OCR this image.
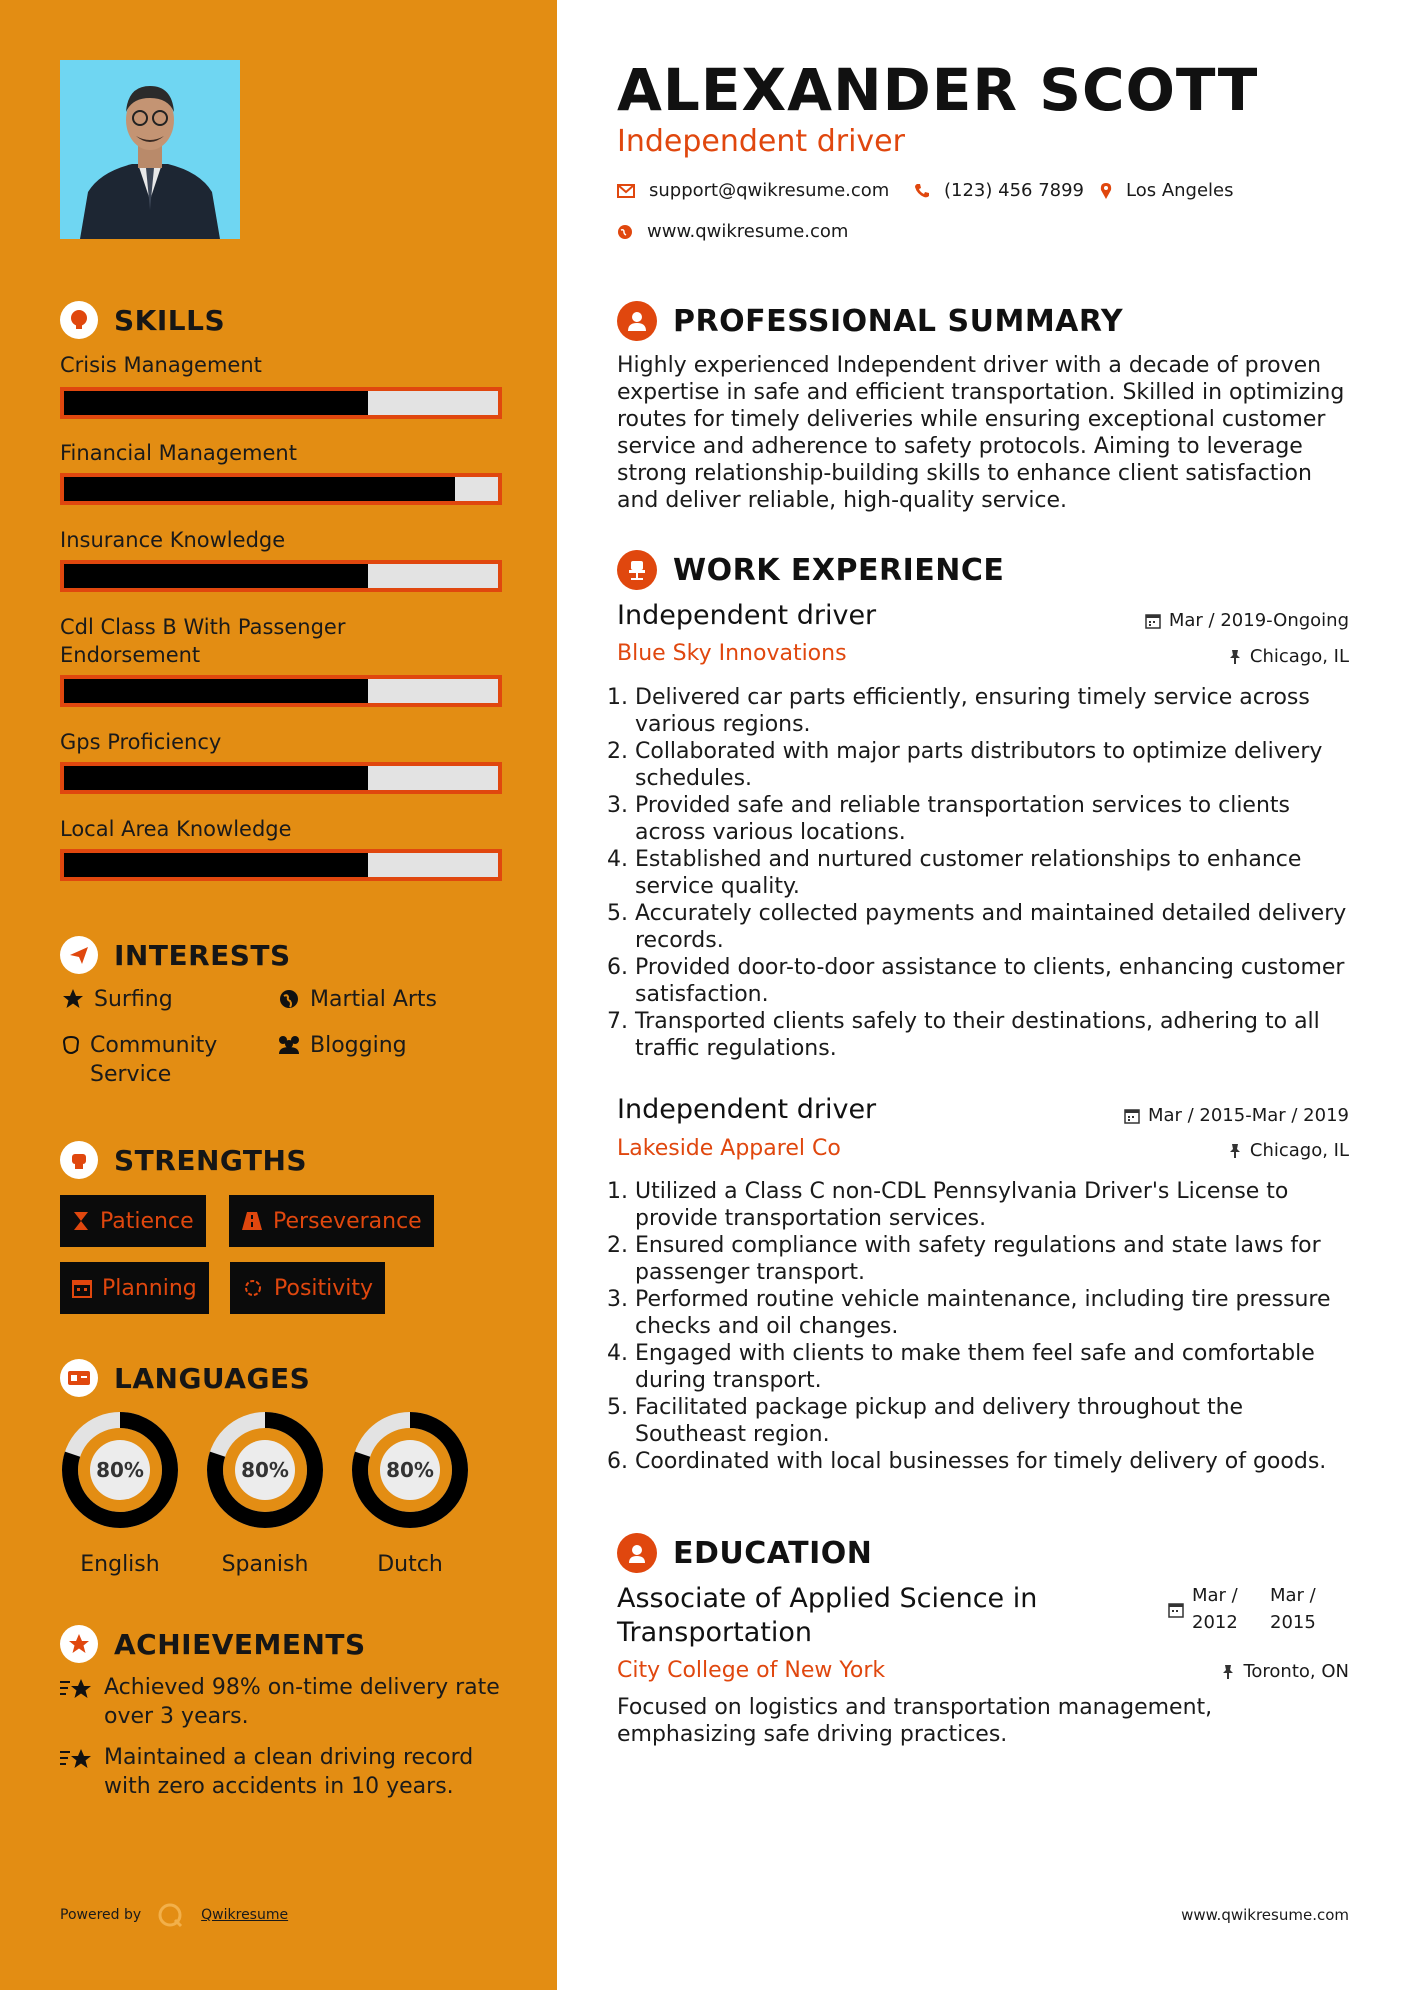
SKILLS
Crisis Management
Financial Management
Insurance Knowledge
Cdl Class B With Passenger Endorsement
Gps Proficiency
Local Area Knowledge
INTERESTS
Surfing	Martial Arts
Community Service
Blogging
STRENGTHS
Patience	Perseverance
Planning	Positivity
LANGUAGES
80%
English
80%
Spanish
80%
Dutch
ACHIEVEMENTS
Achieved 98% on-time delivery rate over 3 years.
Maintained a clean driving record with zero accidents in 10 years.
Powered by	Qwikresume
ALEXANDER SCOTT
Independent driver
support@qwikresume.com	(123) 456 7899 Los Angeles
www.qwikresume.com
PROFESSIONAL SUMMARY
Highly experienced Independent driver with a decade of proven expertise in safe and efficient transportation. Skilled in optimizing routes for timely deliveries while ensuring exceptional customer service and adherence to safety protocols. Aiming to leverage strong relationship-building skills to enhance client satisfaction and deliver reliable, high-quality service.
WORK EXPERIENCE
Independent driver	Mar / 2019-Ongoing
Blue Sky Innovations	Chicago, IL
1. Delivered car parts efficiently, ensuring timely service across various regions.
2. Collaborated with major parts distributors to optimize delivery schedules.
3. Provided safe and reliable transportation services to clients across various locations.
4. Established and nurtured customer relationships to enhance service quality.
5. Accurately collected payments and maintained detailed delivery records.
6. Provided door-to-door assistance to clients, enhancing customer satisfaction.
7. Transported clients safely to their destinations, adhering to all traffic regulations.
Independent driver	Mar / 2015-Mar / 2019
Lakeside Apparel Co	Chicago, IL
1. Utilized a Class C non-CDL Pennsylvania Driver's License to provide transportation services.
2. Ensured compliance with safety regulations and state laws for passenger transport.
3. Performed routine vehicle maintenance, including tire pressure checks and oil changes.
4. Engaged with clients to make them feel safe and comfortable during transport.
5. Facilitated package pickup and delivery throughout the Southeast region.
6. Coordinated with local businesses for timely delivery of goods.
EDUCATION
Associate of Applied Science in Transportation
Mar / 2012
Mar / 2015
City College of New York	Toronto, ON
Focused on logistics and transportation management, emphasizing safe driving practices.
www.qwikresume.com
